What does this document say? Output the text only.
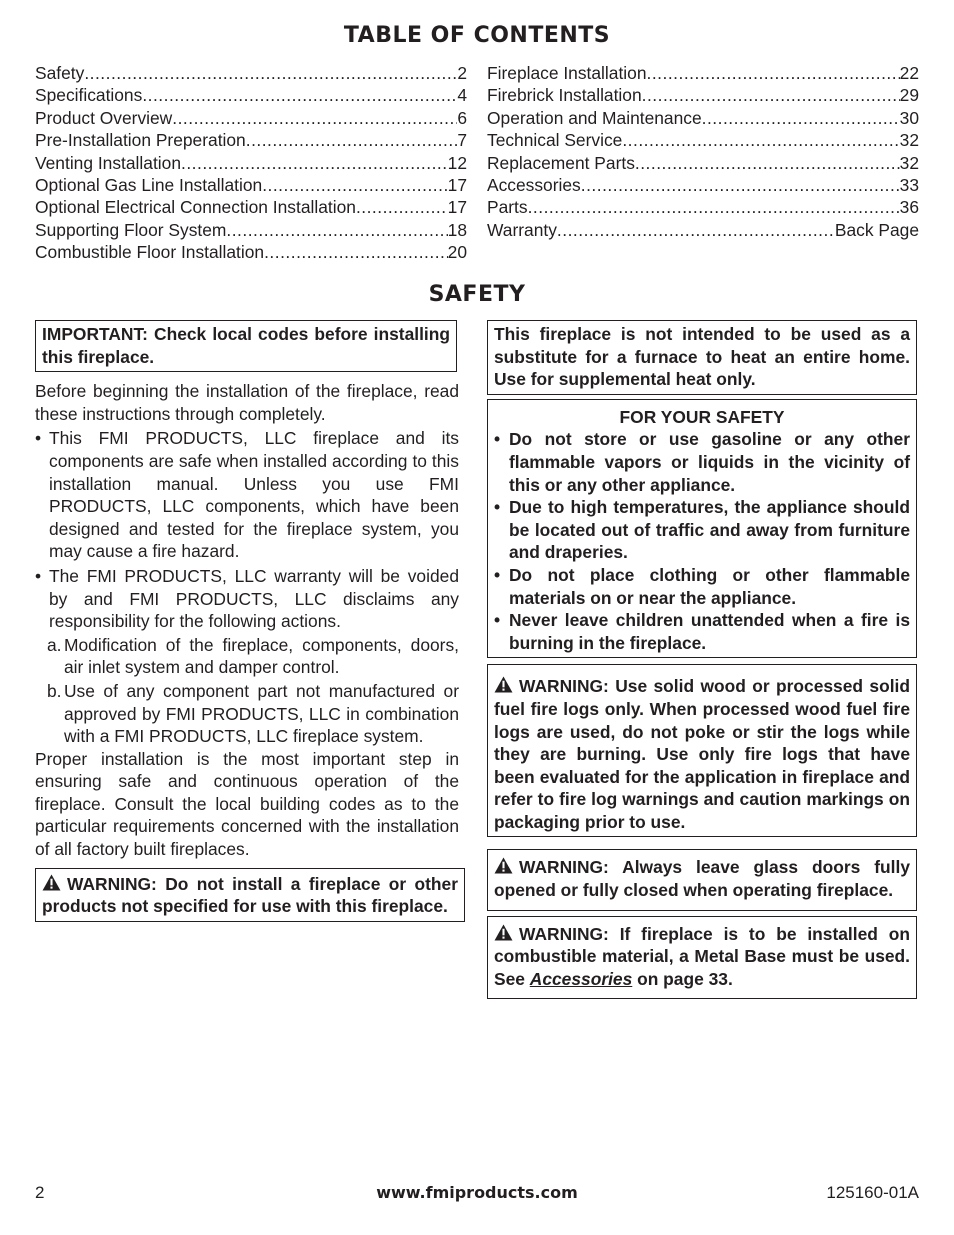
TABLE OF CONTENTS
Safety .....	2
Specifications .....	4
Product Overview .....	6
Pre-Installation Preperation .....	7
Venting Installation .....	12
Optional Gas Line Installation .....	17
Optional Electrical Connection Installation .....	17
Supporting Floor System .....	18
Combustible Floor Installation .....	20
Fireplace Installation .....	22
Firebrick Installation .....	29
Operation and Maintenance .....	30
Technical Service .....	32
Replacement Parts .....	32
Accessories .....	33
Parts .....	36
Warranty .....	Back Page
SAFETY
IMPORTANT: Check local codes before installing this fireplace.

Before beginning the installation of the fireplace, read these instructions through completely.

• This FMI PRODUCTS, LLC fireplace and its components are safe when installed according to this installation manual. Unless you use FMI PRODUCTS, LLC components, which have been designed and tested for the fireplace system, you may cause a fire hazard.
• The FMI PRODUCTS, LLC warranty will be voided by and FMI PRODUCTS, LLC disclaims any responsibility for the following actions.
a. Modification of the fireplace, components, doors, air inlet system and damper control.
b. Use of any component part not manufactured or approved by FMI PRODUCTS, LLC in combination with a FMI PRODUCTS, LLC fireplace system.

Proper installation is the most important step in ensuring safe and continuous operation of the fireplace. Consult the local building codes as to the particular requirements concerned with the installation of all factory built fireplaces.

WARNING: Do not install a fireplace or other products not specified for use with this fireplace.
This fireplace is not intended to be used as a substitute for a furnace to heat an entire home. Use for supplemental heat only.
FOR YOUR SAFETY
• Do not store or use gasoline or any other flammable vapors or liquids in the vicinity of this or any other appliance.
• Due to high temperatures, the appliance should be located out of traffic and away from furniture and draperies.
• Do not place clothing or other flammable materials on or near the appliance.
• Never leave children unattended when a fire is burning in the fireplace.
WARNING: Use solid wood or processed solid fuel fire logs only. When processed wood fuel fire logs are used, do not poke or stir the logs while they are burning. Use only fire logs that have been evaluated for the application in fireplace and refer to fire log warnings and caution markings on packaging prior to use.
WARNING: Always leave glass doors fully opened or fully closed when operating fireplace.
WARNING: If fireplace is to be installed on combustible material, a Metal Base must be used. See Accessories on page 33.
2	www.fmiproducts.com	125160-01A
